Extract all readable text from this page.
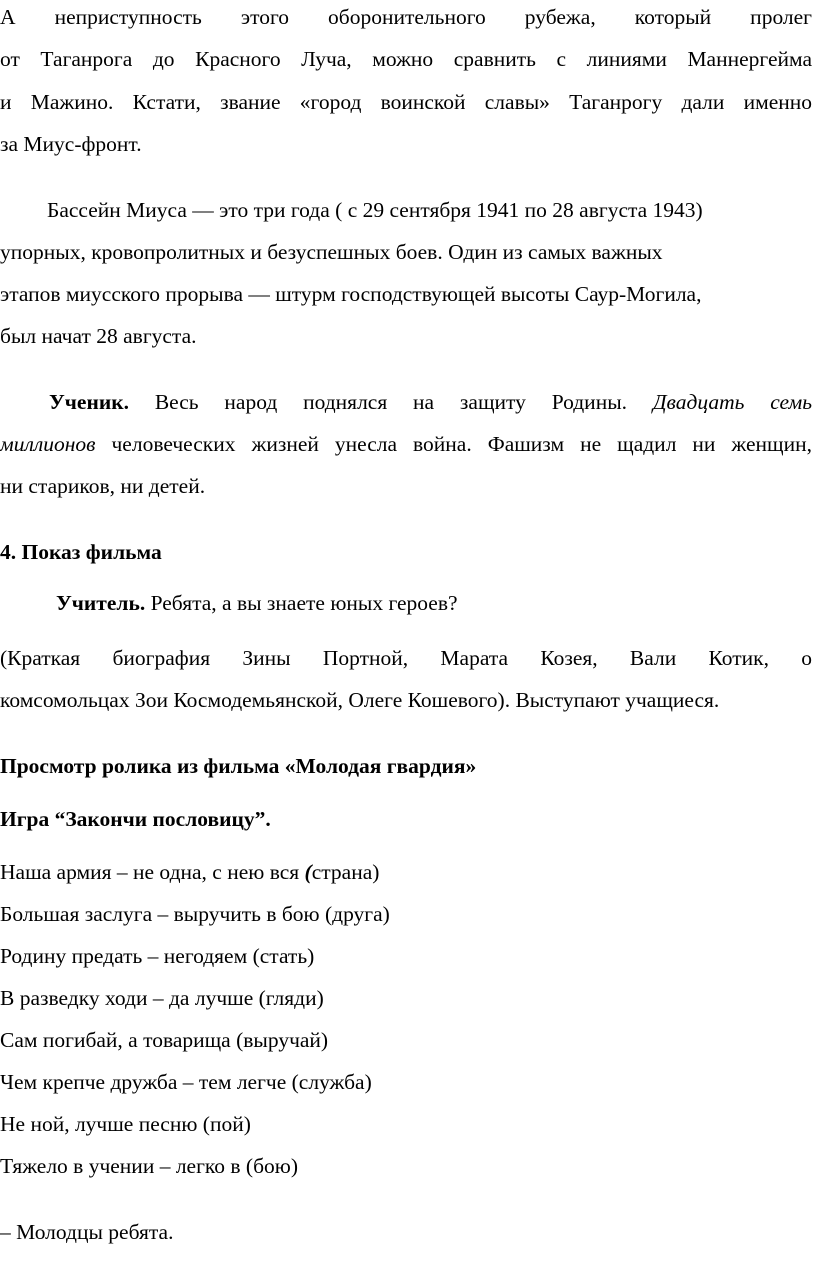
А неприступность этого оборонительного рубежа, который пролег
от Таганрога до Красного Луча, можно сравнить с линиями Маннергейма
и Мажино. Кстати, звание «город воинской славы» Таганрогу дали именно
за Миус-фронт.
Бассейн Миуса — это три года ( с 29 сентября 1941 по 28 августа 1943)
упорных, кровопролитных и безуспешных боев. Один из самых важных
этапов миусского прорыва — штурм господствующей высоты Саур-Могила,
был начат 28 августа.
Ученик. Весь народ поднялся на защиту Родины. Двадцать семь
миллионов человеческих жизней унесла война. Фашизм не щадил ни женщин,
ни стариков, ни детей.
4. Показ фильма
Учитель. Ребята, а вы знаете юных героев?
(Краткая биография Зины Портной, Марата Козея, Вали Котик, о
комсомольцах Зои Космодемьянской, Олеге Кошевого). Выступают учащиеся.
Просмотр ролика из фильма «Молодая гвардия»
Игра “Закончи пословицу”.
Наша армия – не одна, с нею вся (страна)
Большая заслуга – выручить в бою (друга)
Родину предать – негодяем (стать)
В разведку ходи – да лучше (гляди)
Сам погибай, а товарища (выручай)
Чем крепче дружба – тем легче (служба)
Не ной, лучше песню (пой)
Тяжело в учении – легко в (бою)
– Молодцы ребята.
